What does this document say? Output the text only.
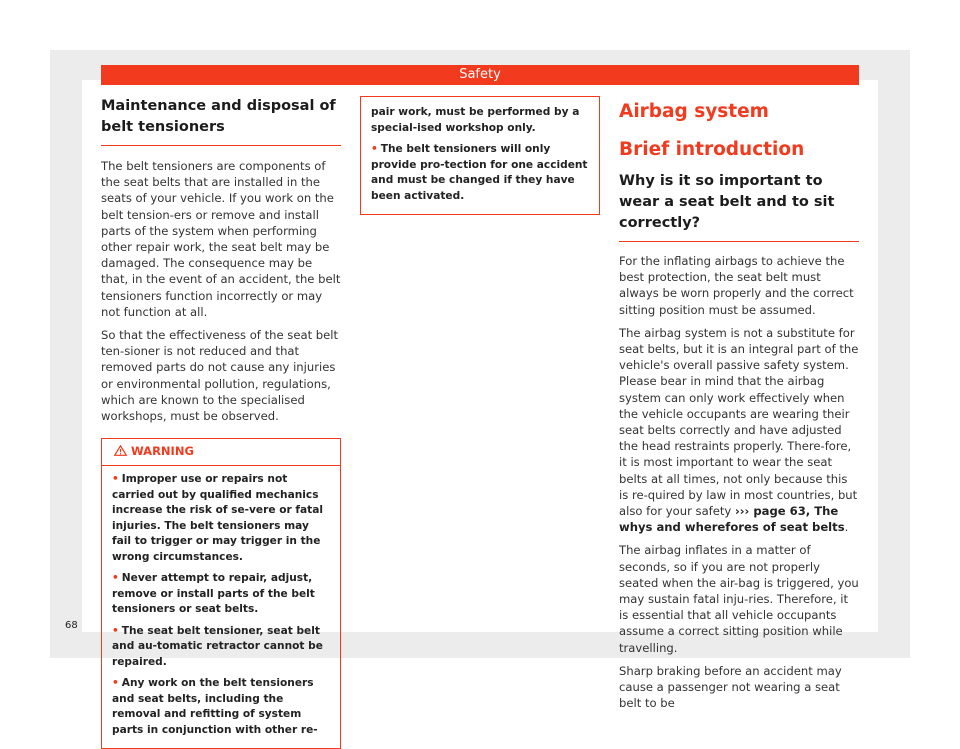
Safety
Maintenance and disposal of belt tensioners

The belt tensioners are components of the seat belts that are installed in the seats of your vehicle. If you work on the belt tension-ers or remove and install parts of the system when performing other repair work, the seat belt may be damaged. The consequence may be that, in the event of an accident, the belt tensioners function incorrectly or may not function at all.

So that the effectiveness of the seat belt ten-sioner is not reduced and that removed parts do not cause any injuries or environmental pollution, regulations, which are known to the specialised workshops, must be observed.

WARNING
• Improper use or repairs not carried out by qualified mechanics increase the risk of se-vere or fatal injuries. The belt tensioners may fail to trigger or may trigger in the wrong circumstances.
• Never attempt to repair, adjust, remove or install parts of the belt tensioners or seat belts.
• The seat belt tensioner, seat belt and au-tomatic retractor cannot be repaired.
• Any work on the belt tensioners and seat belts, including the removal and refitting of system parts in conjunction with other re-
pair work, must be performed by a special-ised workshop only.
• The belt tensioners will only provide pro-tection for one accident and must be changed if they have been activated.
Airbag system
Brief introduction
Why is it so important to wear a seat belt and to sit correctly?

For the inflating airbags to achieve the best protection, the seat belt must always be worn properly and the correct sitting position must be assumed.

The airbag system is not a substitute for seat belts, but it is an integral part of the vehicle's overall passive safety system. Please bear in mind that the airbag system can only work effectively when the vehicle occupants are wearing their seat belts correctly and have adjusted the head restraints properly. There-fore, it is most important to wear the seat belts at all times, not only because this is re-quired by law in most countries, but also for your safety ››› page 63, The whys and wherefores of seat belts.

The airbag inflates in a matter of seconds, so if you are not properly seated when the air-bag is triggered, you may sustain fatal inju-ries. Therefore, it is essential that all vehicle occupants assume a correct sitting position while travelling.

Sharp braking before an accident may cause a passenger not wearing a seat belt to be

68
